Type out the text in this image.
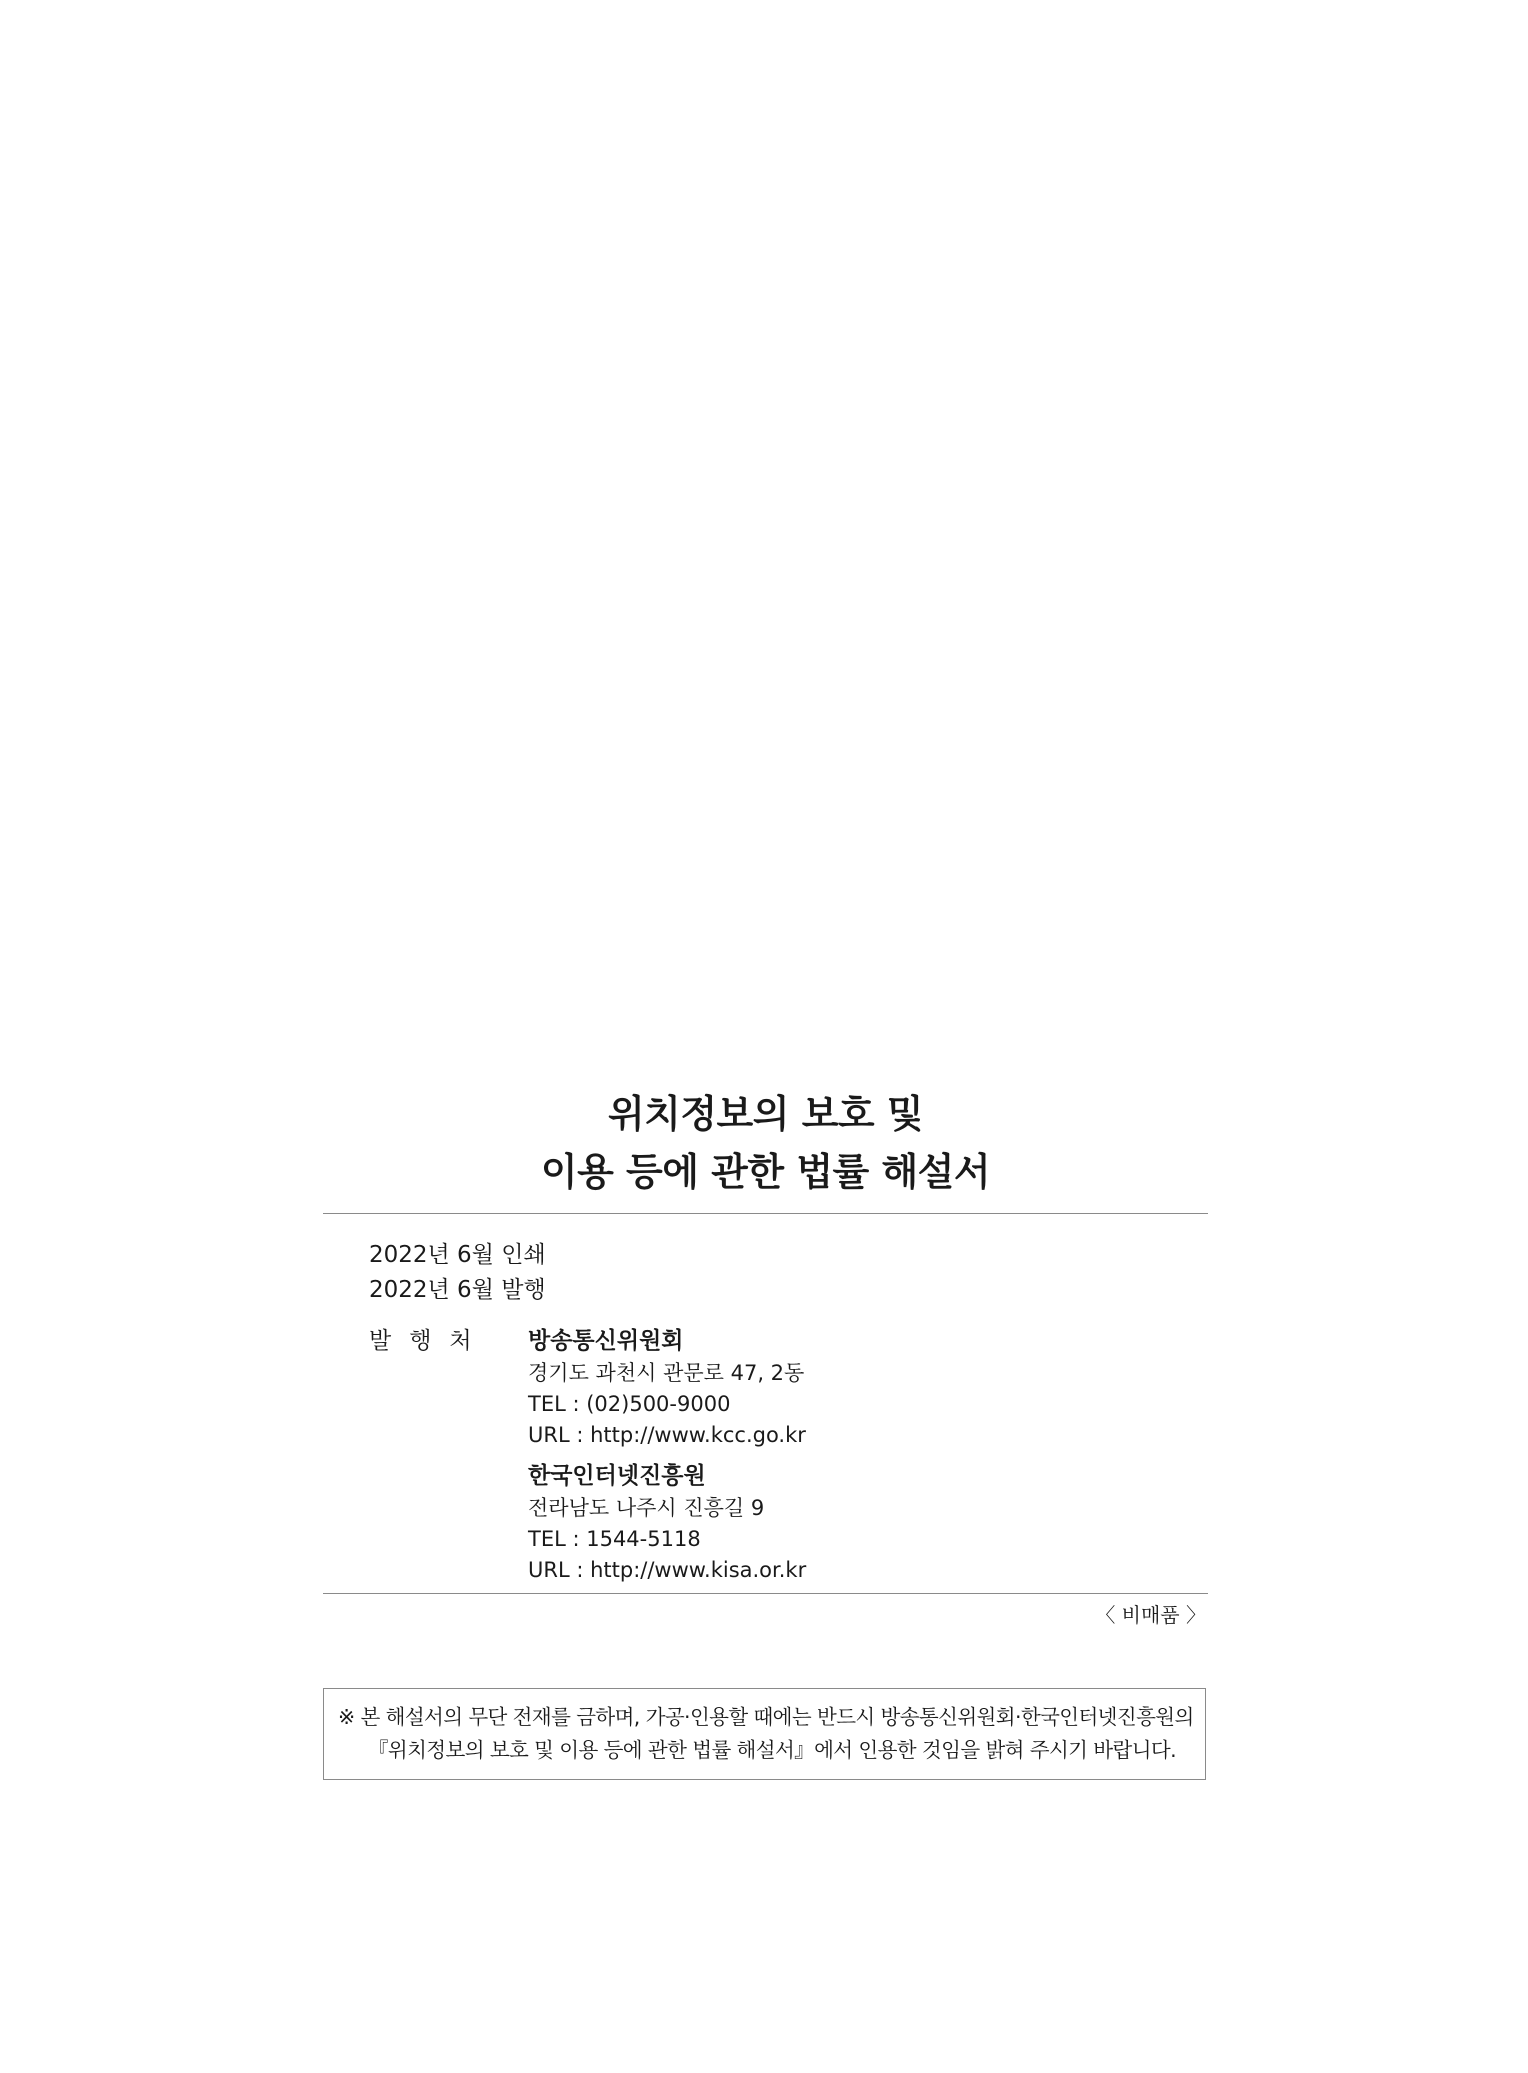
위치정보의 보호 및
이용 등에 관한 법률 해설서
2022년 6월 인쇄
2022년 6월 발행
발행처 방송통신위원회
경기도 과천시 관문로 47, 2동
TEL : (02)500-9000
URL : http://www.kcc.go.kr
한국인터넷진흥원
전라남도 나주시 진흥길 9
TEL : 1544-5118
URL : http://www.kisa.or.kr
〈 비매품 〉
※ 본 해설서의 무단 전재를 금하며, 가공·인용할 때에는 반드시 방송통신위원회·한국인터넷진흥원의
『위치정보의 보호 및 이용 등에 관한 법률 해설서』에서 인용한 것임을 밝혀 주시기 바랍니다.
